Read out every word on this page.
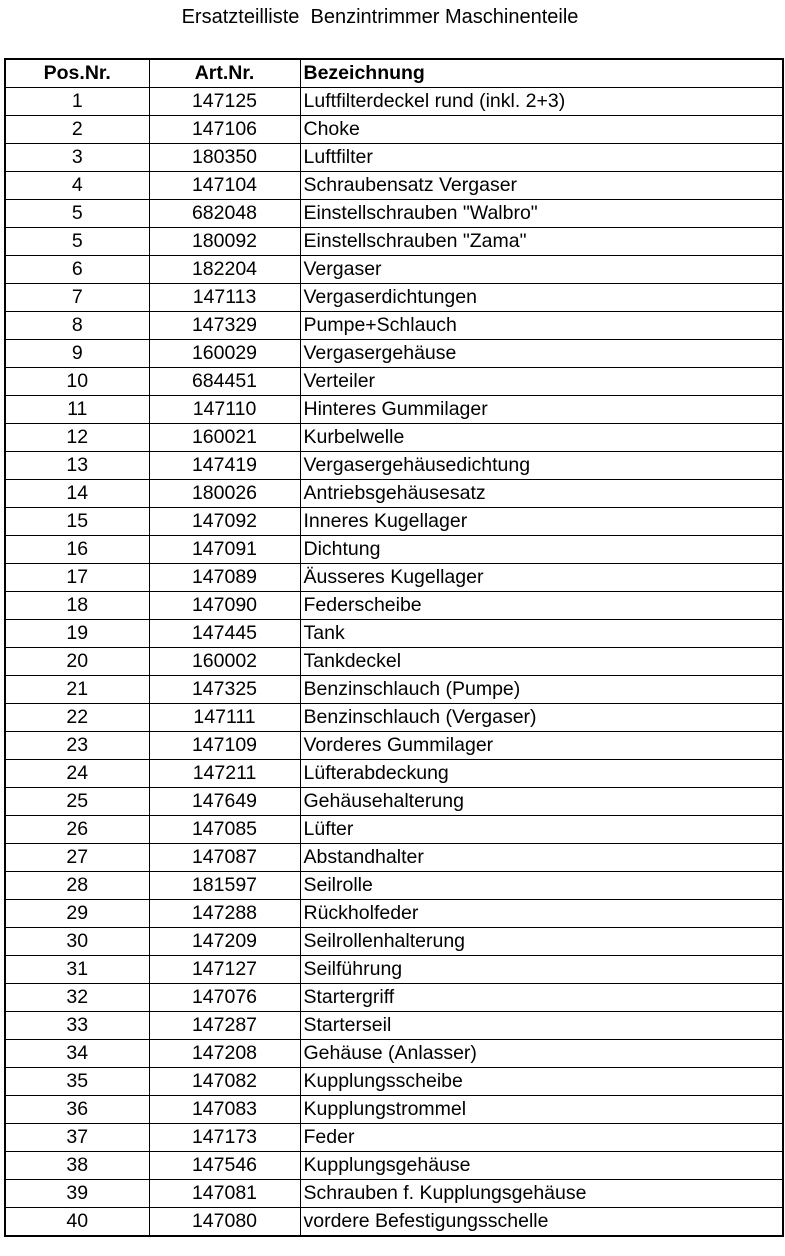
Ersatzteilliste  Benzintrimmer Maschinenteile
Pos.Nr.	Art.Nr.	Bezeichnung
1	147125	Luftfilterdeckel rund (inkl. 2+3)
2	147106	Choke
3	180350	Luftfilter
4	147104	Schraubensatz Vergaser
5	682048	Einstellschrauben "Walbro"
5	180092	Einstellschrauben "Zama"
6	182204	Vergaser
7	147113	Vergaserdichtungen
8	147329	Pumpe+Schlauch
9	160029	Vergasergehäuse
10	684451	Verteiler
11	147110	Hinteres Gummilager
12	160021	Kurbelwelle
13	147419	Vergasergehäusedichtung
14	180026	Antriebsgehäusesatz
15	147092	Inneres Kugellager
16	147091	Dichtung
17	147089	Äusseres Kugellager
18	147090	Federscheibe
19	147445	Tank
20	160002	Tankdeckel
21	147325	Benzinschlauch (Pumpe)
22	147111	Benzinschlauch (Vergaser)
23	147109	Vorderes Gummilager
24	147211	Lüfterabdeckung
25	147649	Gehäusehalterung
26	147085	Lüfter
27	147087	Abstandhalter
28	181597	Seilrolle
29	147288	Rückholfeder
30	147209	Seilrollenhalterung
31	147127	Seilführung
32	147076	Startergriff
33	147287	Starterseil
34	147208	Gehäuse (Anlasser)
35	147082	Kupplungsscheibe
36	147083	Kupplungstrommel
37	147173	Feder
38	147546	Kupplungsgehäuse
39	147081	Schrauben f. Kupplungsgehäuse
40	147080	vordere Befestigungsschelle
